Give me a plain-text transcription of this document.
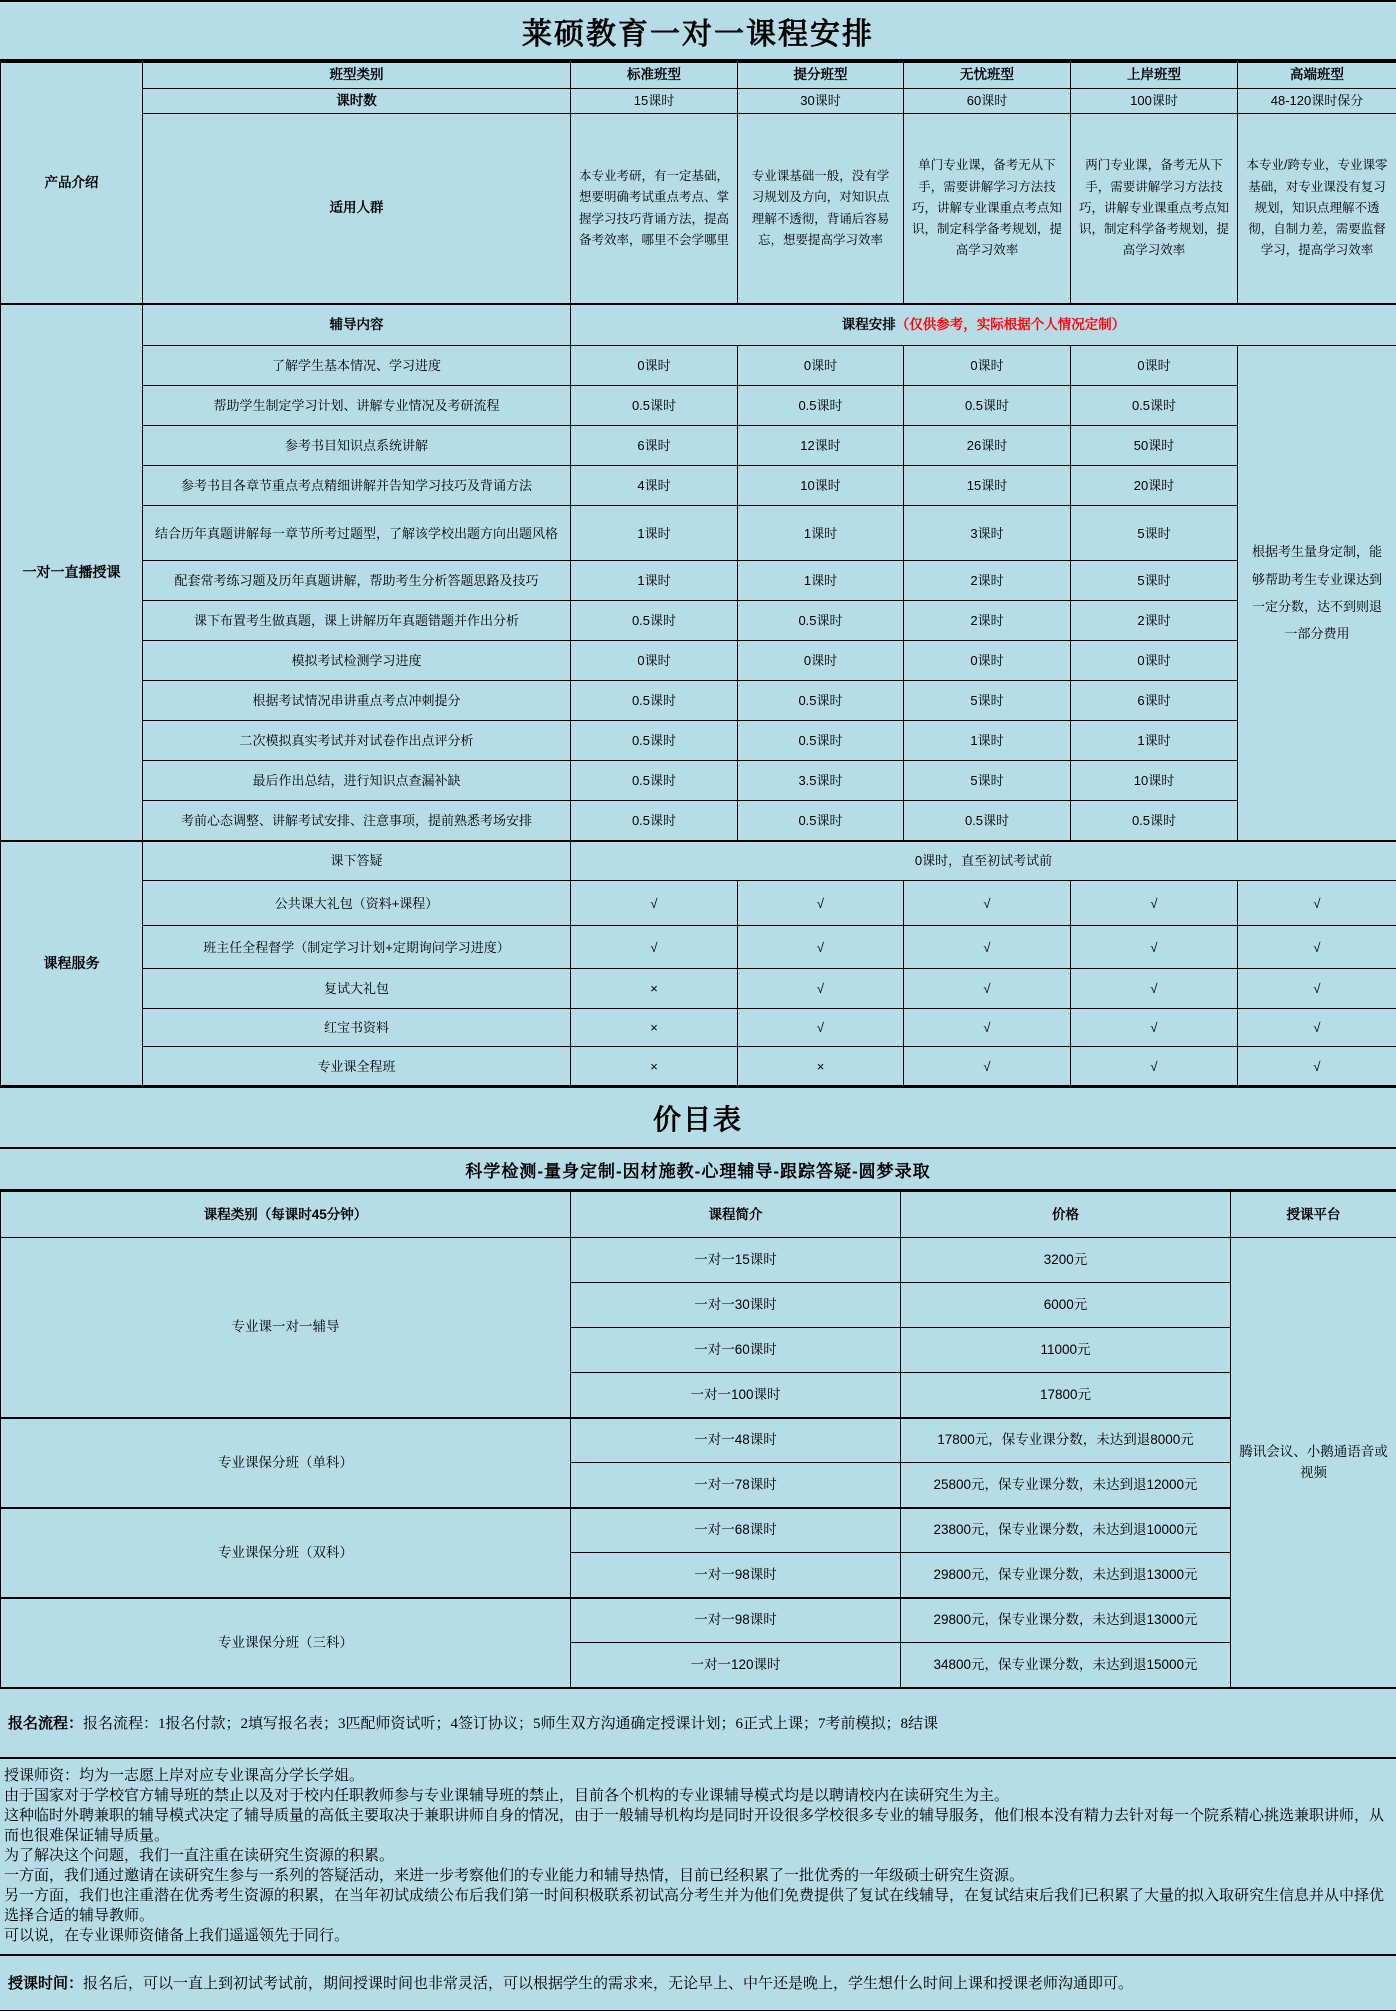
莱硕教育一对一课程安排
产品介绍	班型类别	标准班型	提分班型	无忧班型	上岸班型	高端班型
	课时数	15课时	30课时	60课时	100课时	48-120课时保分
	适用人群	本专业考研，有一定基础，想要明确考试重点考点、掌握学习技巧背诵方法，提高备考效率，哪里不会学哪里	专业课基础一般，没有学习规划及方向，对知识点理解不透彻，背诵后容易忘，想要提高学习效率	单门专业课，备考无从下手，需要讲解学习方法技巧，讲解专业课重点考点知识，制定科学备考规划，提高学习效率	两门专业课，备考无从下手，需要讲解学习方法技巧，讲解专业课重点考点知识，制定科学备考规划，提高学习效率	本专业/跨专业，专业课零基础，对专业课没有复习规划，知识点理解不透彻，自制力差，需要监督学习，提高学习效率
一对一直播授课	辅导内容	课程安排（仅供参考，实际根据个人情况定制）				
	了解学生基本情况、学习进度	0课时	0课时	0课时	0课时	根据考生量身定制，能够帮助考生专业课达到一定分数，达不到则退一部分费用
	帮助学生制定学习计划、讲解专业情况及考研流程	0.5课时	0.5课时	0.5课时	0.5课时	
	参考书目知识点系统讲解	6课时	12课时	26课时	50课时	
	参考书目各章节重点考点精细讲解并告知学习技巧及背诵方法	4课时	10课时	15课时	20课时	
	结合历年真题讲解每一章节所考过题型，了解该学校出题方向出题风格	1课时	1课时	3课时	5课时	
	配套常考练习题及历年真题讲解，帮助考生分析答题思路及技巧	1课时	1课时	2课时	5课时	
	课下布置考生做真题，课上讲解历年真题错题并作出分析	0.5课时	0.5课时	2课时	2课时	
	模拟考试检测学习进度	0课时	0课时	0课时	0课时	
	根据考试情况串讲重点考点冲刺提分	0.5课时	0.5课时	5课时	6课时	
	二次模拟真实考试并对试卷作出点评分析	0.5课时	0.5课时	1课时	1课时	
	最后作出总结，进行知识点查漏补缺	0.5课时	3.5课时	5课时	10课时	
	考前心态调整、讲解考试安排、注意事项，提前熟悉考场安排	0.5课时	0.5课时	0.5课时	0.5课时	
课程服务	课下答疑	0课时，直至初试考试前				
	公共课大礼包（资料+课程）	√	√	√	√	√
	班主任全程督学（制定学习计划+定期询问学习进度）	√	√	√	√	√
	复试大礼包	×	√	√	√	√
	红宝书资料	×	√	√	√	√
	专业课全程班	×	×	√	√	√
价目表
科学检测-量身定制-因材施教-心理辅导-跟踪答疑-圆梦录取
课程类别（每课时45分钟）	课程简介	价格	授课平台
专业课一对一辅导	一对一15课时	3200元	腾讯会议、小鹅通语音或视频
	一对一30课时	6000元	
	一对一60课时	11000元	
	一对一100课时	17800元	
专业课保分班（单科）	一对一48课时	17800元，保专业课分数，未达到退8000元	
	一对一78课时	25800元，保专业课分数，未达到退12000元	
专业课保分班（双科）	一对一68课时	23800元，保专业课分数，未达到退10000元	
	一对一98课时	29800元，保专业课分数，未达到退13000元	
专业课保分班（三科）	一对一98课时	29800元，保专业课分数，未达到退13000元	
	一对一120课时	34800元，保专业课分数，未达到退15000元	
报名流程： 报名流程：1报名付款；2填写报名表；3匹配师资试听；4签订协议；5师生双方沟通确定授课计划；6正式上课；7考前模拟；8结课
授课师资：均为一志愿上岸对应专业课高分学长学姐。
由于国家对于学校官方辅导班的禁止以及对于校内任职教师参与专业课辅导班的禁止，目前各个机构的专业课辅导模式均是以聘请校内在读研究生为主。
这种临时外聘兼职的辅导模式决定了辅导质量的高低主要取决于兼职讲师自身的情况，由于一般辅导机构均是同时开设很多学校很多专业的辅导服务，他们根本没有精力去针对每一个院系精心挑选兼职讲师，从而也很难保证辅导质量。
为了解决这个问题，我们一直注重在读研究生资源的积累。
一方面，我们通过邀请在读研究生参与一系列的答疑活动，来进一步考察他们的专业能力和辅导热情，目前已经积累了一批优秀的一年级硕士研究生资源。
另一方面，我们也注重潜在优秀考生资源的积累，在当年初试成绩公布后我们第一时间积极联系初试高分考生并为他们免费提供了复试在线辅导，在复试结束后我们已积累了大量的拟入取研究生信息并从中择优选择合适的辅导教师。
可以说，在专业课师资储备上我们遥遥领先于同行。
授课时间： 报名后，可以一直上到初试考试前，期间授课时间也非常灵活，可以根据学生的需求来，无论早上、中午还是晚上，学生想什么时间上课和授课老师沟通即可。
